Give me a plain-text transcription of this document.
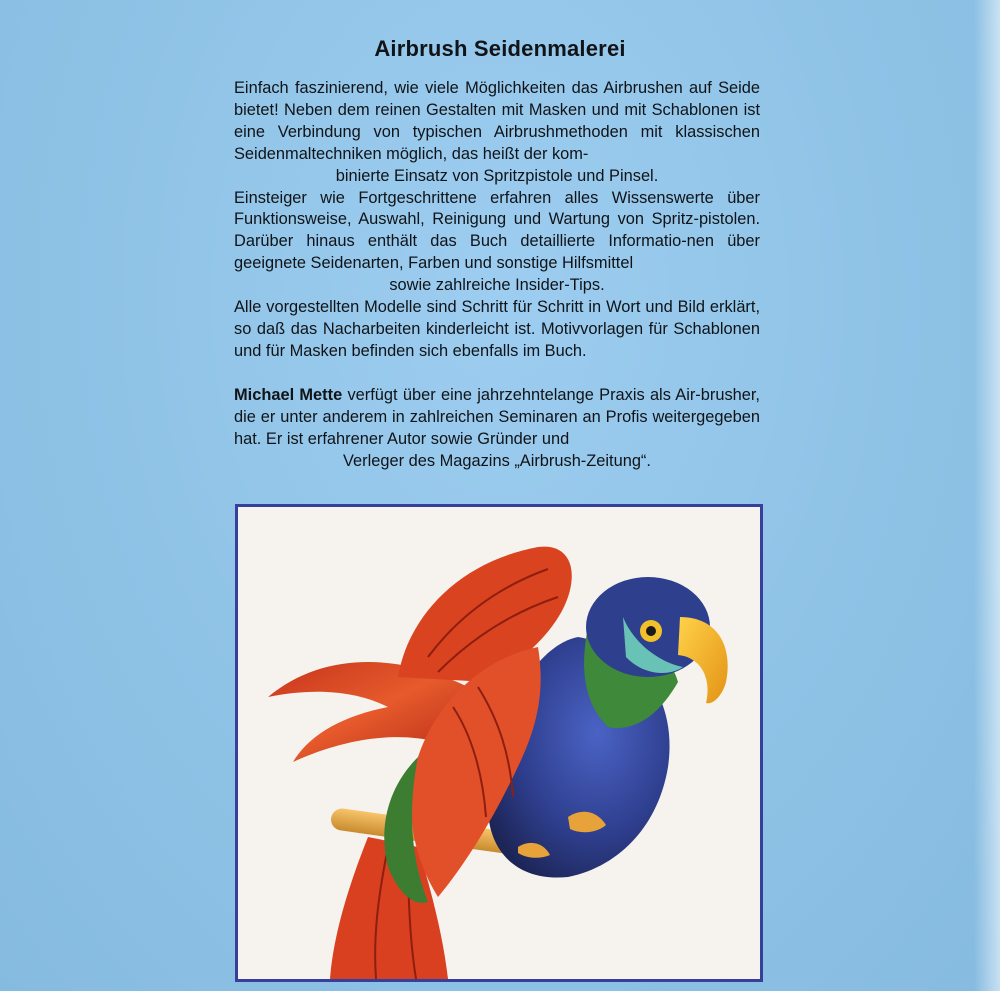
Airbrush Seidenmalerei

Einfach faszinierend, wie viele Möglichkeiten das Airbrushen auf Seide bietet! Neben dem reinen Gestalten mit Masken und mit Schablonen ist eine Verbindung von typischen Airbrushmethoden mit klassischen Seidenmaltechniken möglich, das heißt der kom-

binierte Einsatz von Spritzpistole und Pinsel.

Einsteiger wie Fortgeschrittene erfahren alles Wissenswerte über Funktionsweise, Auswahl, Reinigung und Wartung von Spritz-pistolen. Darüber hinaus enthält das Buch detaillierte Informatio-nen über geeignete Seidenarten, Farben und sonstige Hilfsmittel

sowie zahlreiche Insider-Tips.

Alle vorgestellten Modelle sind Schritt für Schritt in Wort und Bild erklärt, so daß das Nacharbeiten kinderleicht ist. Motivvorlagen für Schablonen und für Masken befinden sich ebenfalls im Buch.

Michael Mette verfügt über eine jahrzehntelange Praxis als Air-brusher, die er unter anderem in zahlreichen Seminaren an Profis weitergegeben hat. Er ist erfahrener Autor sowie Gründer und

Verleger des Magazins „Airbrush-Zeitung“.
